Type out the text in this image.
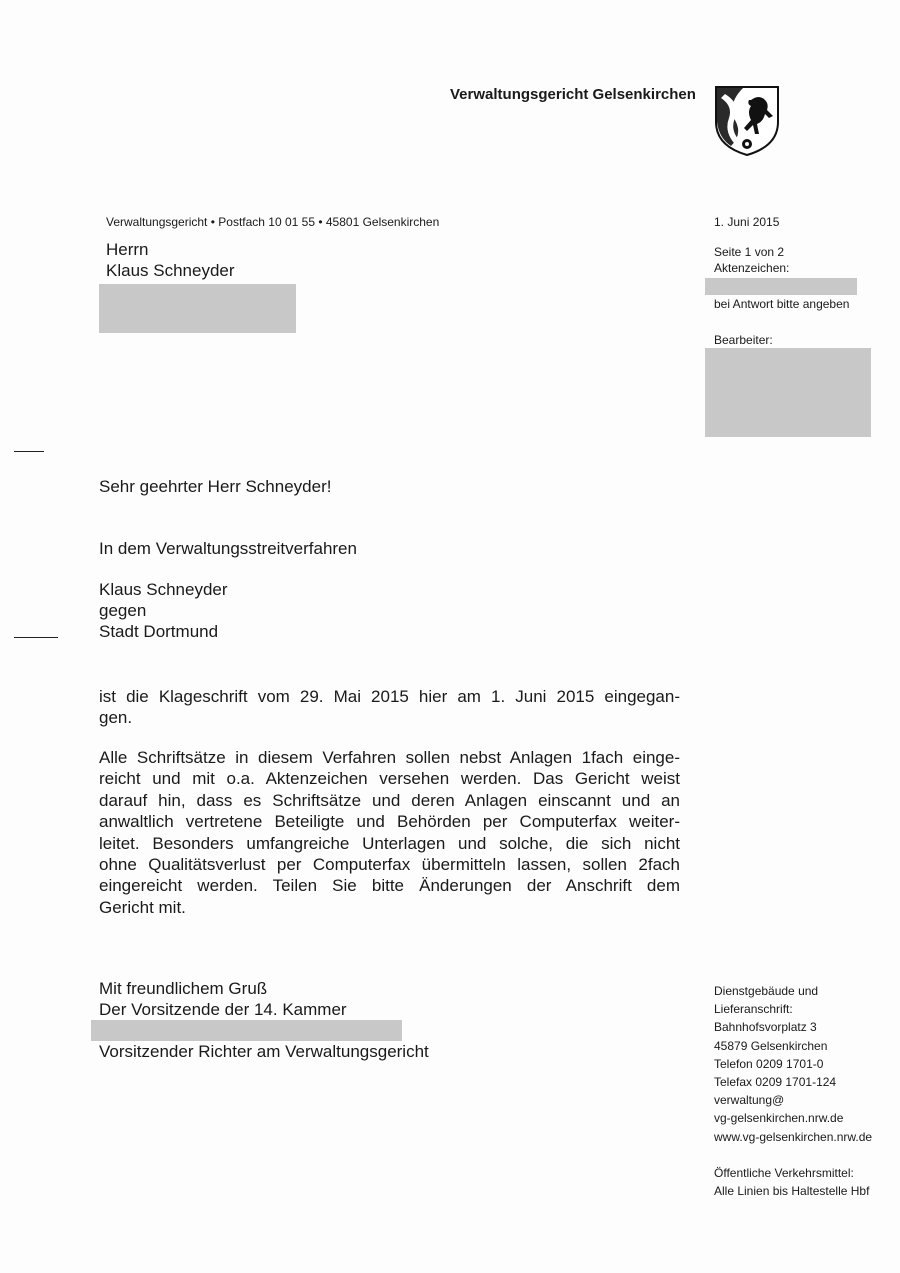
Verwaltungsgericht Gelsenkirchen
Verwaltungsgericht • Postfach 10 01 55 • 45801 Gelsenkirchen
Herrn
Klaus Schneyder
1. Juni 2015
Seite 1 von 2
Aktenzeichen:
bei Antwort bitte angeben
Bearbeiter:
Sehr geehrter Herr Schneyder!
In dem Verwaltungsstreitverfahren
Klaus Schneyder
gegen
Stadt Dortmund
ist die Klageschrift vom 29. Mai 2015 hier am 1. Juni 2015 eingegan-
gen.
Alle Schriftsätze in diesem Verfahren sollen nebst Anlagen 1fach einge-
reicht und mit o.a. Aktenzeichen versehen werden. Das Gericht weist
darauf hin, dass es Schriftsätze und deren Anlagen einscannt und an
anwaltlich vertretene Beteiligte und Behörden per Computerfax weiter-
leitet. Besonders umfangreiche Unterlagen und solche, die sich nicht
ohne Qualitätsverlust per Computerfax übermitteln lassen, sollen 2fach
eingereicht werden. Teilen Sie bitte Änderungen der Anschrift dem
Gericht mit.
Mit freundlichem Gruß
Der Vorsitzende der 14. Kammer
Vorsitzender Richter am Verwaltungsgericht
Dienstgebäude und
Lieferanschrift:
Bahnhofsvorplatz 3
45879 Gelsenkirchen
Telefon 0209 1701-0
Telefax 0209 1701-124
verwaltung@
vg-gelsenkirchen.nrw.de
www.vg-gelsenkirchen.nrw.de
Öffentliche Verkehrsmittel:
Alle Linien bis Haltestelle Hbf
